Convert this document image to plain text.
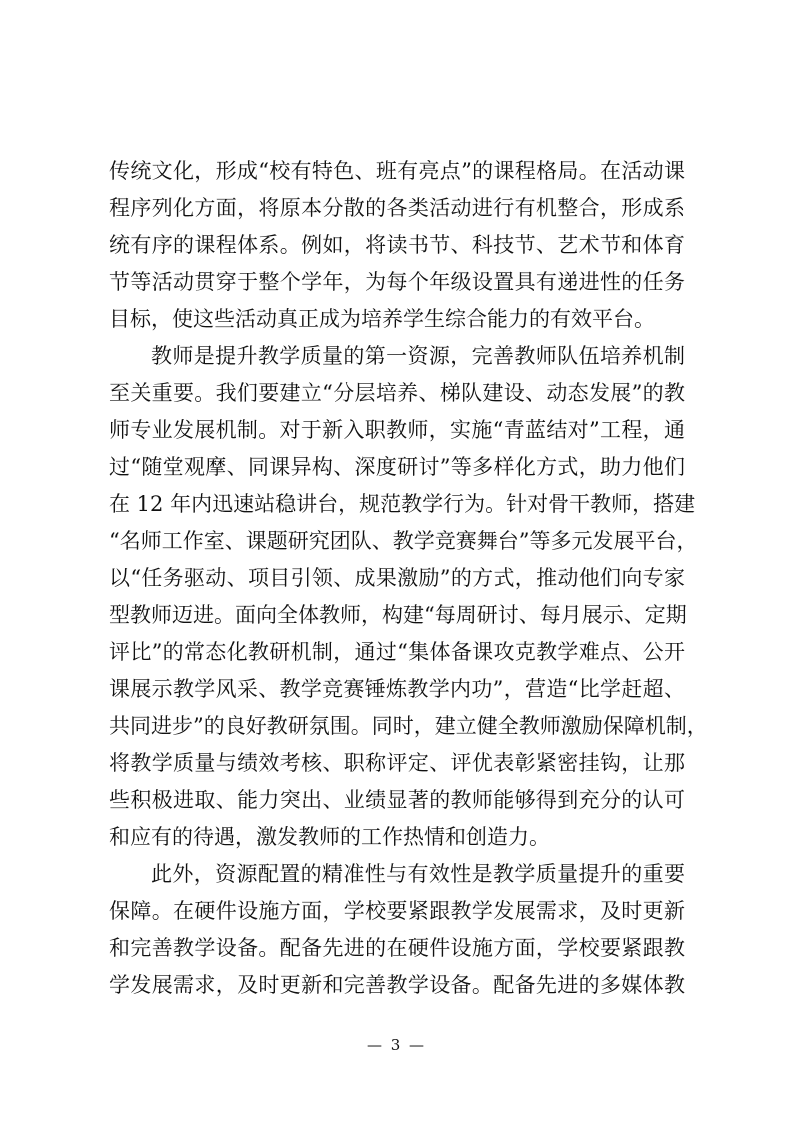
传统文化，形成“校有特色、班有亮点”的课程格局。在活动课
程序列化方面，将原本分散的各类活动进行有机整合，形成系
统有序的课程体系。例如，将读书节、科技节、艺术节和体育
节等活动贯穿于整个学年，为每个年级设置具有递进性的任务
目标，使这些活动真正成为培养学生综合能力的有效平台。
教师是提升教学质量的第一资源，完善教师队伍培养机制
至关重要。我们要建立“分层培养、梯队建设、动态发展”的教
师专业发展机制。对于新入职教师，实施“青蓝结对”工程，通
过“随堂观摩、同课异构、深度研讨”等多样化方式，助力他们
在 12 年内迅速站稳讲台，规范教学行为。针对骨干教师，搭建
“名师工作室、课题研究团队、教学竞赛舞台”等多元发展平台，
以“任务驱动、项目引领、成果激励”的方式，推动他们向专家
型教师迈进。面向全体教师，构建“每周研讨、每月展示、定期
评比”的常态化教研机制，通过“集体备课攻克教学难点、公开
课展示教学风采、教学竞赛锤炼教学内功”，营造“比学赶超、
共同进步”的良好教研氛围。同时，建立健全教师激励保障机制，
将教学质量与绩效考核、职称评定、评优表彰紧密挂钩，让那
些积极进取、能力突出、业绩显著的教师能够得到充分的认可
和应有的待遇，激发教师的工作热情和创造力。
此外，资源配置的精准性与有效性是教学质量提升的重要
保障。在硬件设施方面，学校要紧跟教学发展需求，及时更新
和完善教学设备。配备先进的在硬件设施方面，学校要紧跟教
学发展需求，及时更新和完善教学设备。配备先进的多媒体教
— 3 —
